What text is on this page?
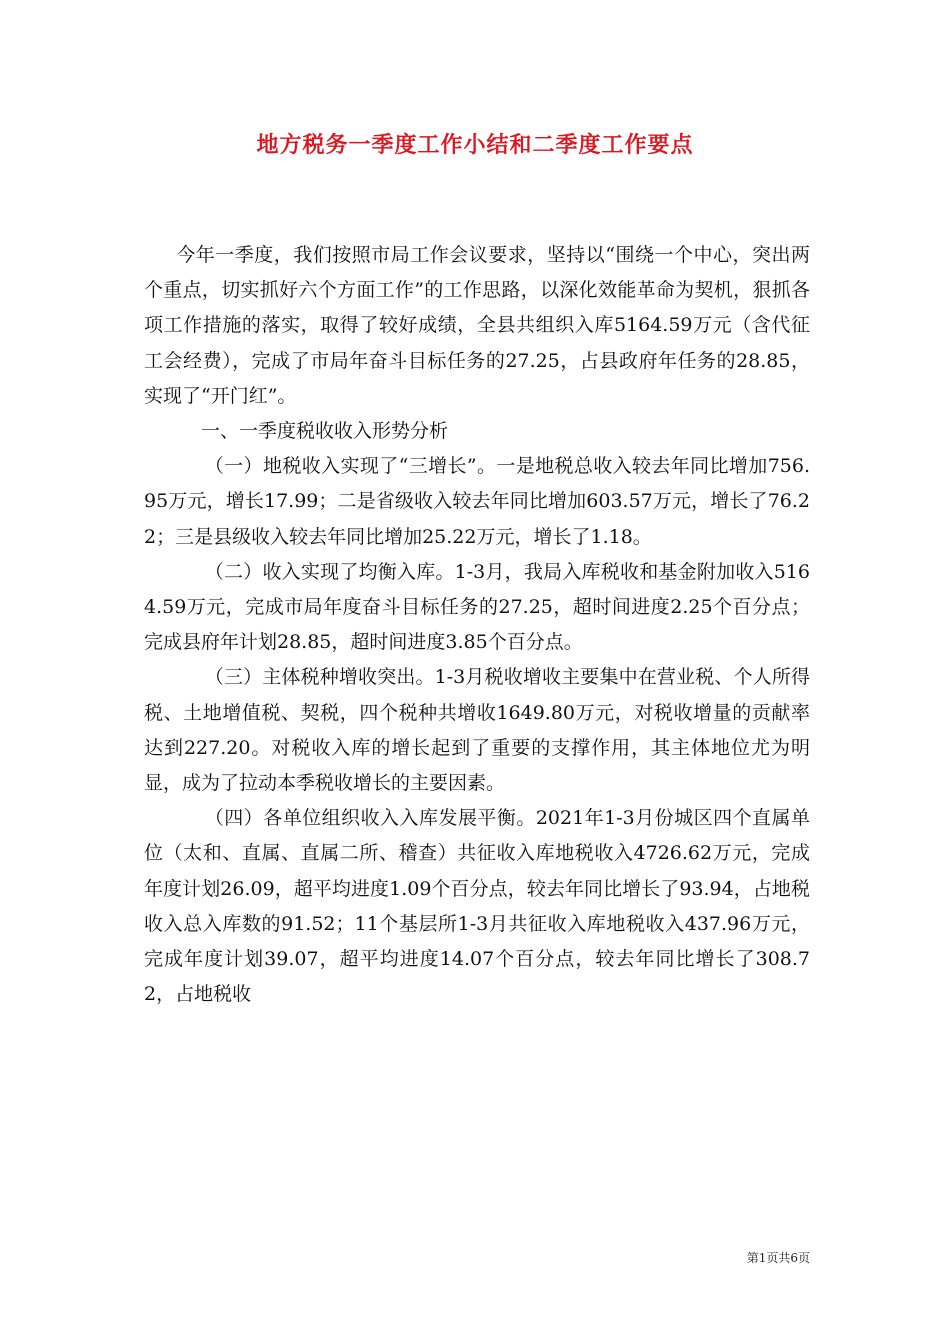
地方税务一季度工作小结和二季度工作要点

今年一季度，我们按照市局工作会议要求，坚持以“围绕一个中心，突出两个重点，切实抓好六个方面工作”的工作思路，以深化效能革命为契机，狠抓各项工作措施的落实，取得了较好成绩，全县共组织入库5164.59万元（含代征工会经费），完成了市局年奋斗目标任务的27.25，占县政府年任务的28.85，实现了“开门红”。

一、一季度税收收入形势分析

（一）地税收入实现了“三增长”。一是地税总收入较去年同比增加756.95万元，增长17.99；二是省级收入较去年同比增加603.57万元，增长了76.22；三是县级收入较去年同比增加25.22万元，增长了1.18。

（二）收入实现了均衡入库。1-3月，我局入库税收和基金附加收入5164.59万元，完成市局年度奋斗目标任务的27.25，超时间进度2.25个百分点；完成县府年计划28.85，超时间进度3.85个百分点。

（三）主体税种增收突出。1-3月税收增收主要集中在营业税、个人所得税、土地增值税、契税，四个税种共增收1649.80万元，对税收增量的贡献率达到227.20。对税收入库的增长起到了重要的支撑作用，其主体地位尤为明显，成为了拉动本季税收增长的主要因素。

（四）各单位组织收入入库发展平衡。2021年1-3月份城区四个直属单位（太和、直属、直属二所、稽查）共征收入库地税收入4726.62万元，完成年度计划26.09，超平均进度1.09个百分点，较去年同比增长了93.94，占地税收入总入库数的91.52；11个基层所1-3月共征收入库地税收入437.96万元，完成年度计划39.07，超平均进度14.07个百分点，较去年同比增长了308.72，占地税收

第1页共6页
